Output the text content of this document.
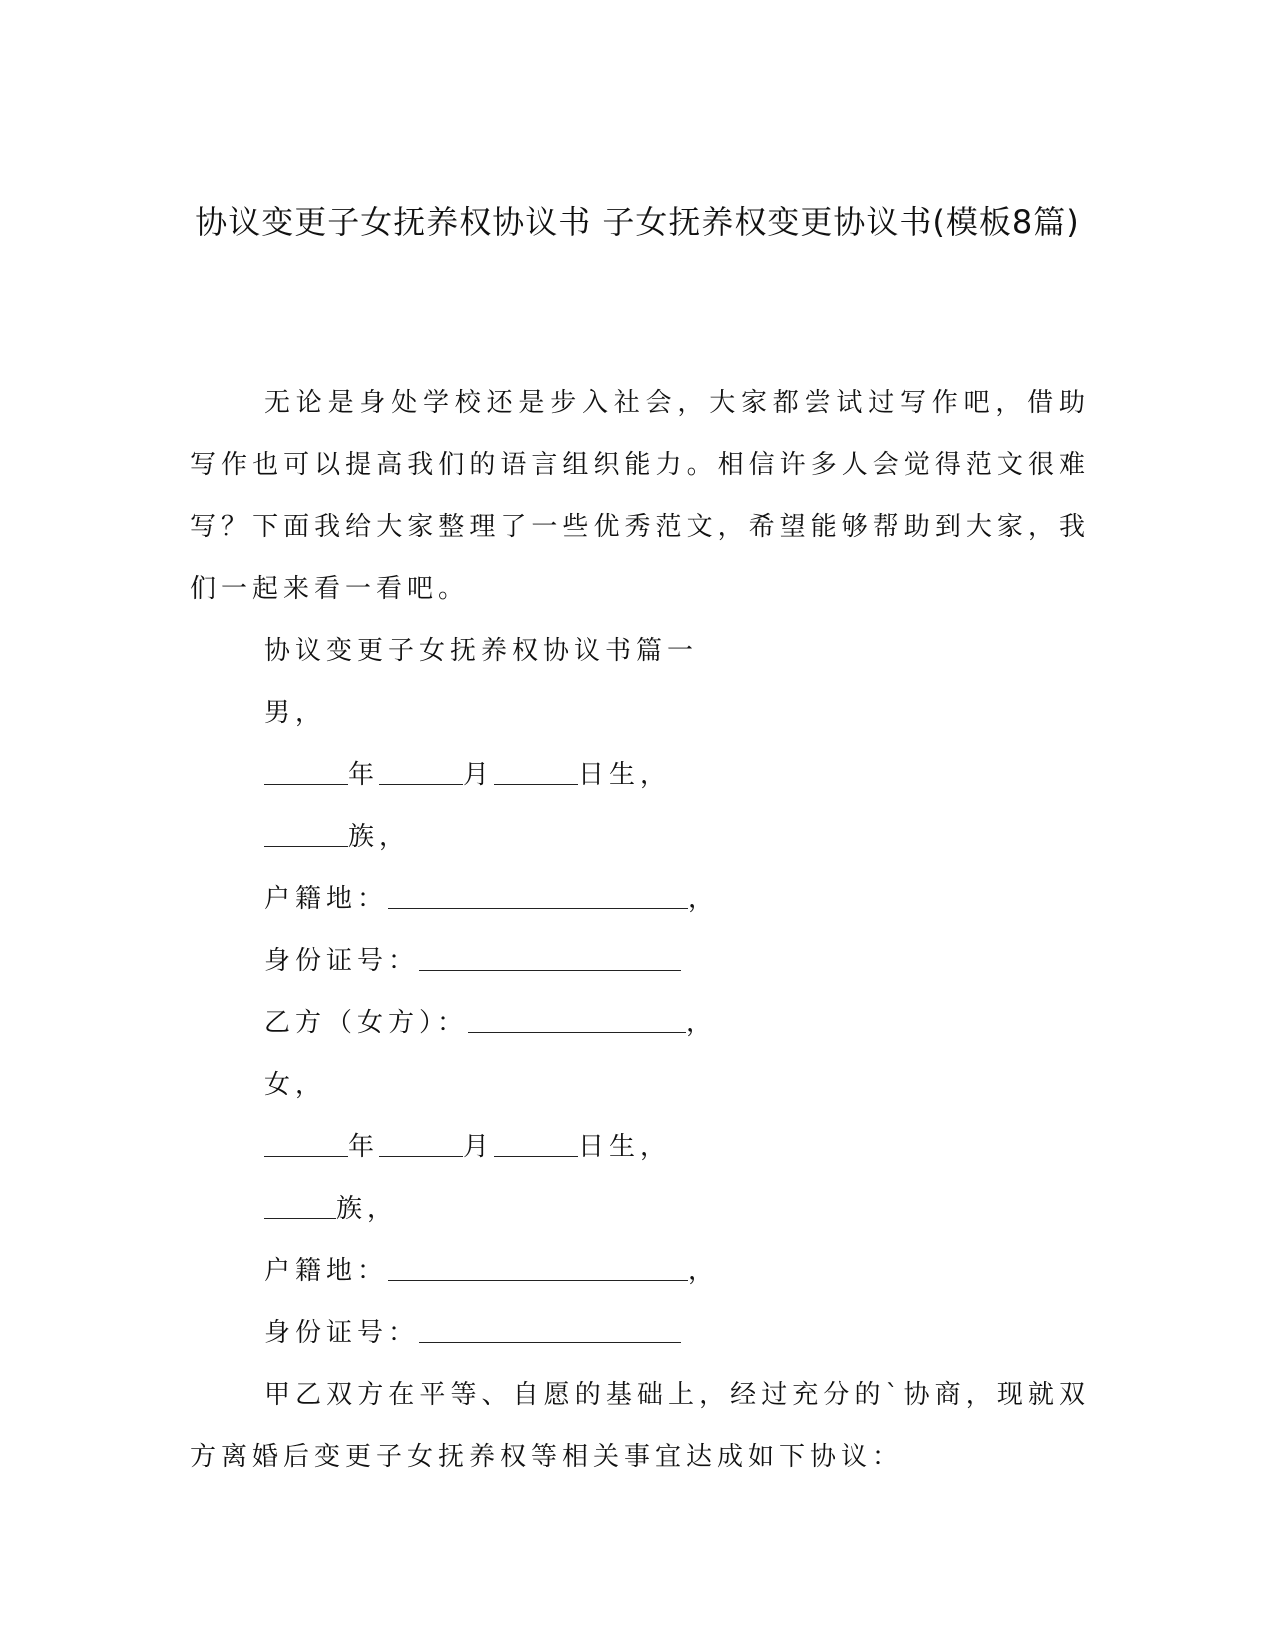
协议变更子女抚养权协议书 子女抚养权变更协议书(模板8篇)

无论是身处学校还是步入社会，大家都尝试过写作吧，借助写作也可以提高我们的语言组织能力。相信许多人会觉得范文很难写？下面我给大家整理了一些优秀范文，希望能够帮助到大家，我们一起来看一看吧。

协议变更子女抚养权协议书篇一

男，

年	月	日生，

族，

户籍地：	，

身份证号：

乙方（女方）：	，

女，

年	月	日生，

族，

户籍地：	，

身份证号：

甲乙双方在平等、自愿的基础上，经过充分的`协商，现就双方离婚后变更子女抚养权等相关事宜达成如下协议：
